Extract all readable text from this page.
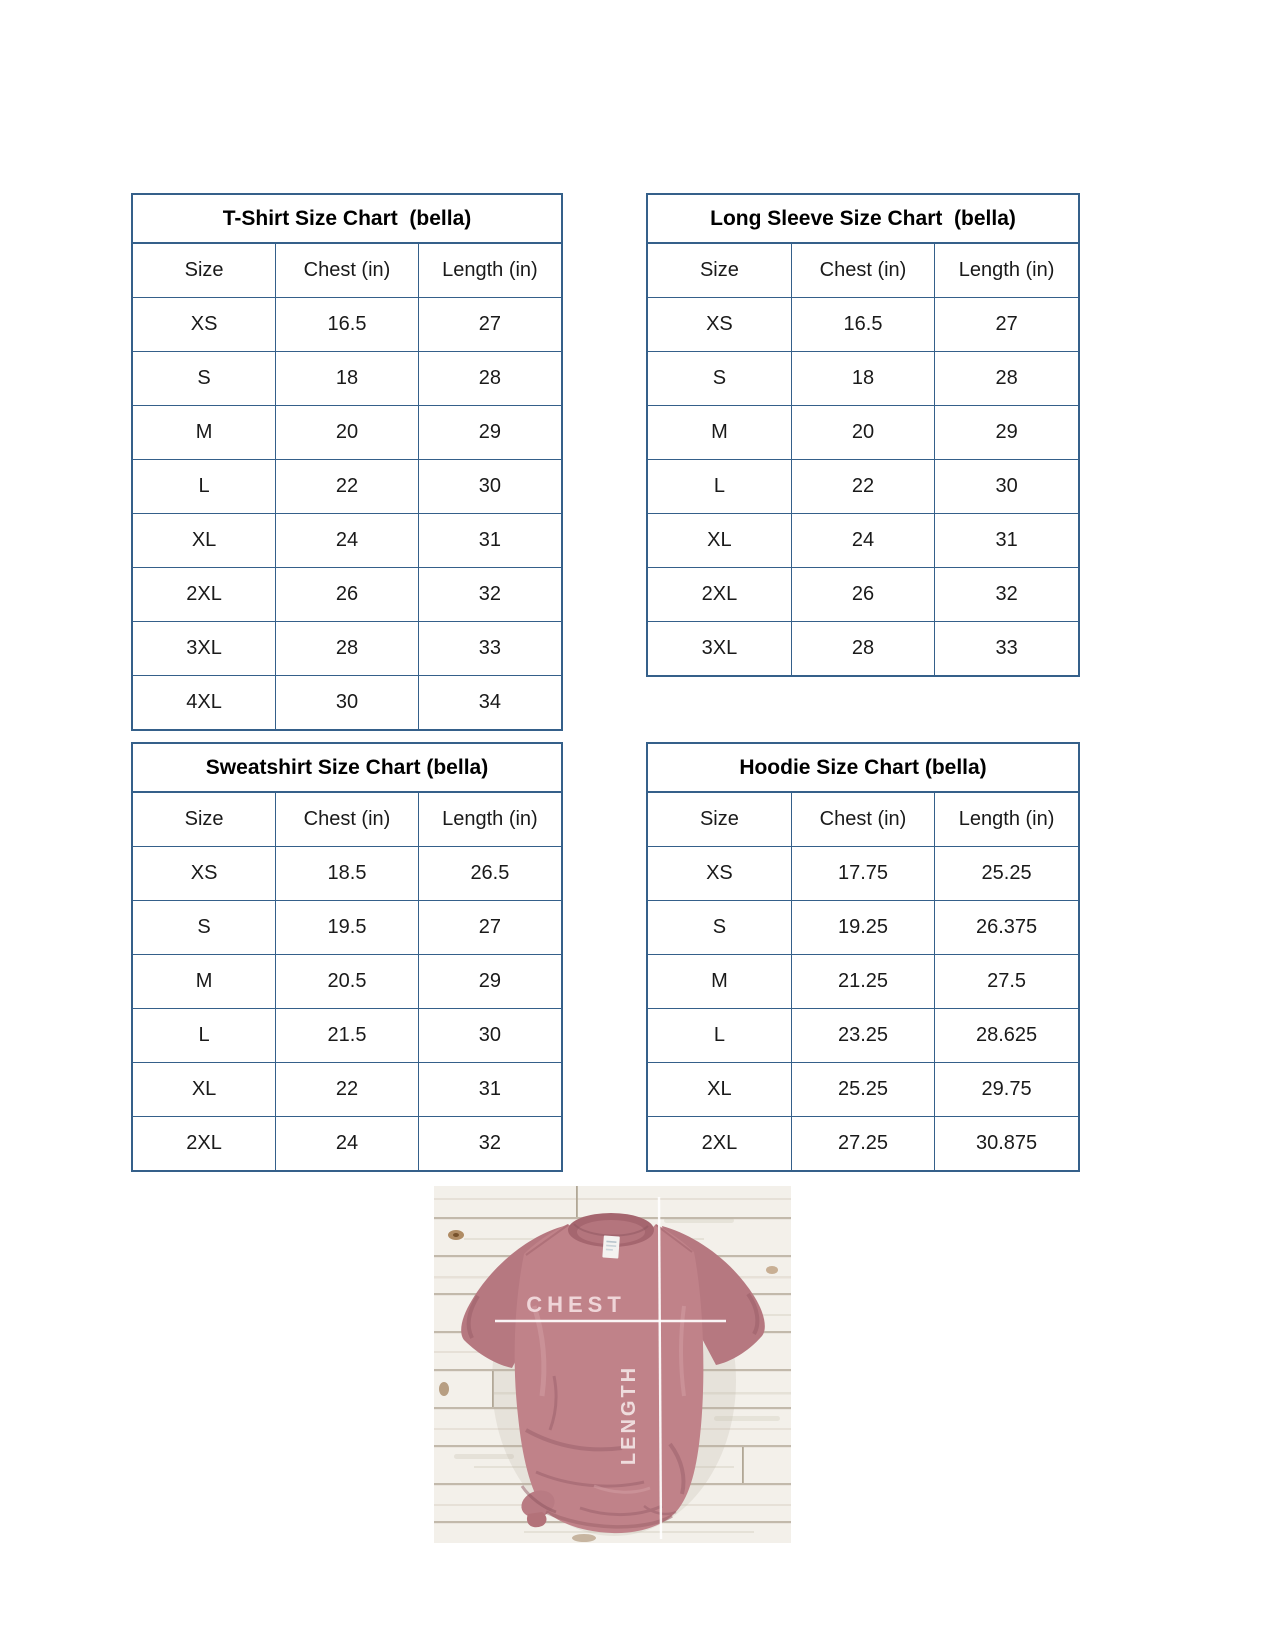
T-Shirt Size Chart  (bella)
Size	Chest (in)	Length (in)
XS	16.5	27
S	18	28
M	20	29
L	22	30
XL	24	31
2XL	26	32
3XL	28	33
4XL	30	34
Long Sleeve Size Chart  (bella)
Size	Chest (in)	Length (in)
XS	16.5	27
S	18	28
M	20	29
L	22	30
XL	24	31
2XL	26	32
3XL	28	33
Sweatshirt Size Chart (bella)
Size	Chest (in)	Length (in)
XS	18.5	26.5
S	19.5	27
M	20.5	29
L	21.5	30
XL	22	31
2XL	24	32
Hoodie Size Chart (bella)
Size	Chest (in)	Length (in)
XS	17.75	25.25
S	19.25	26.375
M	21.25	27.5
L	23.25	28.625
XL	25.25	29.75
2XL	27.25	30.875
CHEST
LENGTH
